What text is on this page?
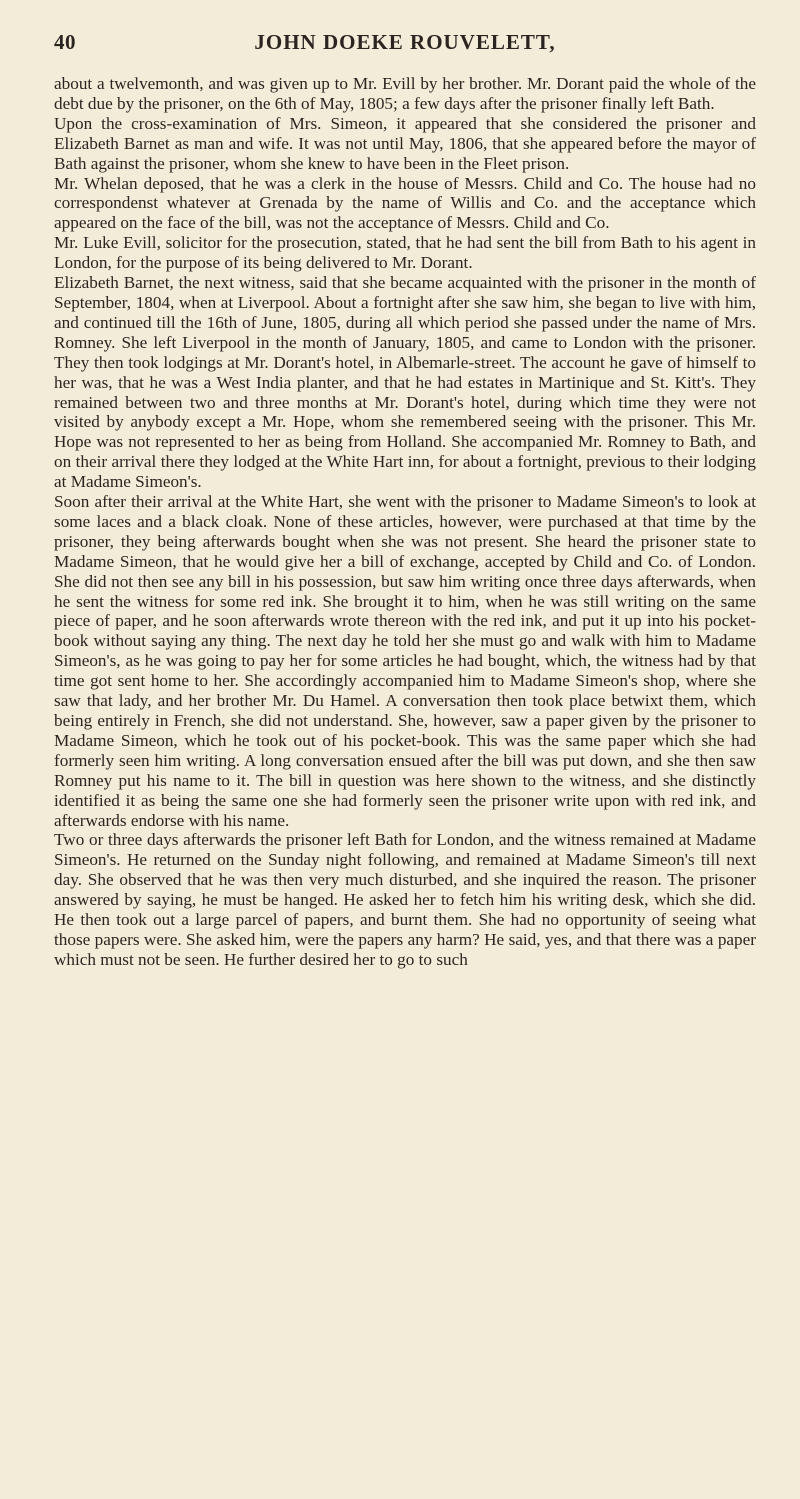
40	JOHN DOEKE ROUVELETT,

about a twelvemonth, and was given up to Mr. Evill by her brother. Mr. Dorant paid the whole of the debt due by the prisoner, on the 6th of May, 1805; a few days after the prisoner finally left Bath.

Upon the cross-examination of Mrs. Simeon, it appeared that she considered the prisoner and Elizabeth Barnet as man and wife. It was not until May, 1806, that she appeared before the mayor of Bath against the prisoner, whom she knew to have been in the Fleet prison.

Mr. Whelan deposed, that he was a clerk in the house of Messrs. Child and Co. The house had no correspondenst whatever at Grenada by the name of Willis and Co. and the acceptance which appeared on the face of the bill, was not the acceptance of Messrs. Child and Co.

Mr. Luke Evill, solicitor for the prosecution, stated, that he had sent the bill from Bath to his agent in London, for the purpose of its being delivered to Mr. Dorant.

Elizabeth Barnet, the next witness, said that she became acquainted with the prisoner in the month of September, 1804, when at Liverpool. About a fortnight after she saw him, she began to live with him, and continued till the 16th of June, 1805, during all which period she passed under the name of Mrs. Romney. She left Liverpool in the month of January, 1805, and came to London with the prisoner. They then took lodgings at Mr. Dorant's hotel, in Albemarle-street. The account he gave of himself to her was, that he was a West India planter, and that he had estates in Martinique and St. Kitt's. They remained between two and three months at Mr. Dorant's hotel, during which time they were not visited by anybody except a Mr. Hope, whom she remembered seeing with the prisoner. This Mr. Hope was not represented to her as being from Holland. She accompanied Mr. Romney to Bath, and on their arrival there they lodged at the White Hart inn, for about a fortnight, previous to their lodging at Madame Simeon's.

Soon after their arrival at the White Hart, she went with the prisoner to Madame Simeon's to look at some laces and a black cloak. None of these articles, however, were purchased at that time by the prisoner, they being afterwards bought when she was not present. She heard the prisoner state to Madame Simeon, that he would give her a bill of exchange, accepted by Child and Co. of London. She did not then see any bill in his possession, but saw him writing once three days afterwards, when he sent the witness for some red ink. She brought it to him, when he was still writing on the same piece of paper, and he soon afterwards wrote thereon with the red ink, and put it up into his pocket-book without saying any thing. The next day he told her she must go and walk with him to Madame Simeon's, as he was going to pay her for some articles he had bought, which, the witness had by that time got sent home to her. She accordingly accompanied him to Madame Simeon's shop, where she saw that lady, and her brother Mr. Du Hamel. A conversation then took place betwixt them, which being entirely in French, she did not understand. She, however, saw a paper given by the prisoner to Madame Simeon, which he took out of his pocket-book. This was the same paper which she had formerly seen him writing. A long conversation ensued after the bill was put down, and she then saw Romney put his name to it. The bill in question was here shown to the witness, and she distinctly identified it as being the same one she had formerly seen the prisoner write upon with red ink, and afterwards endorse with his name.

Two or three days afterwards the prisoner left Bath for London, and the witness remained at Madame Simeon's. He returned on the Sunday night following, and remained at Madame Simeon's till next day. She observed that he was then very much disturbed, and she inquired the reason. The prisoner answered by saying, he must be hanged. He asked her to fetch him his writing desk, which she did. He then took out a large parcel of papers, and burnt them. She had no opportunity of seeing what those papers were. She asked him, were the papers any harm? He said, yes, and that there was a paper which must not be seen. He further desired her to go to such
